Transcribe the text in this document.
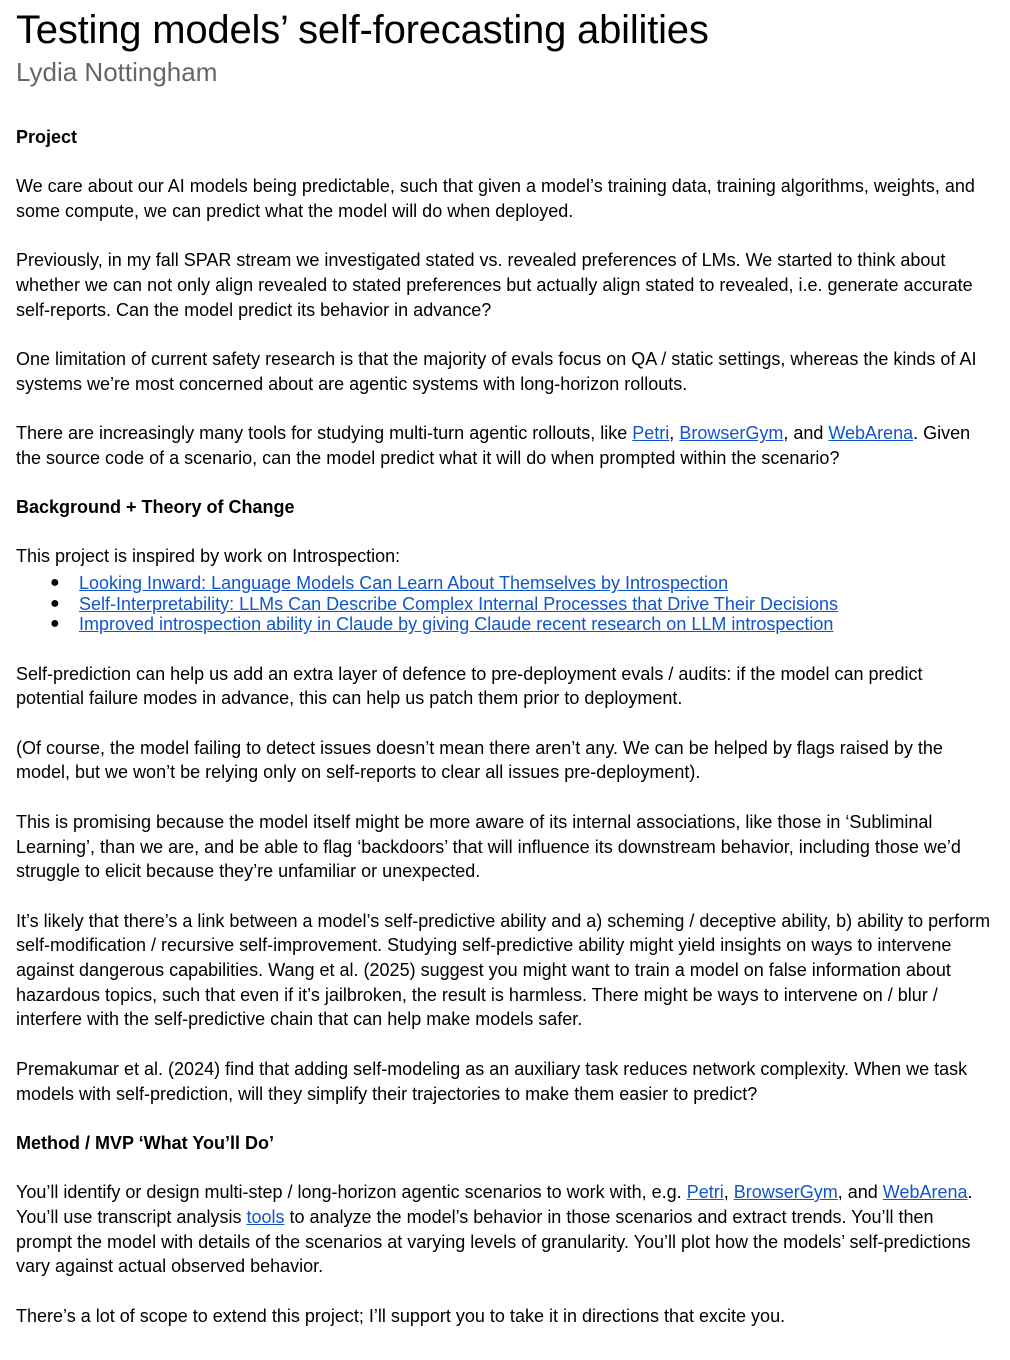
Testing models’ self-forecasting abilities
Lydia Nottingham
Project

We care about our AI models being predictable, such that given a model’s training data, training algorithms, weights, and some compute, we can predict what the model will do when deployed.

Previously, in my fall SPAR stream we investigated stated vs. revealed preferences of LMs. We started to think about whether we can not only align revealed to stated preferences but actually align stated to revealed, i.e. generate accurate self-reports. Can the model predict its behavior in advance?

One limitation of current safety research is that the majority of evals focus on QA / static settings, whereas the kinds of AI systems we’re most concerned about are agentic systems with long-horizon rollouts.

There are increasingly many tools for studying multi-turn agentic rollouts, like Petri, BrowserGym, and WebArena. Given the source code of a scenario, can the model predict what it will do when prompted within the scenario?

Background + Theory of Change

This project is inspired by work on Introspection:

● Looking Inward: Language Models Can Learn About Themselves by Introspection
● Self-Interpretability: LLMs Can Describe Complex Internal Processes that Drive Their Decisions
● Improved introspection ability in Claude by giving Claude recent research on LLM introspection

Self-prediction can help us add an extra layer of defence to pre-deployment evals / audits: if the model can predict potential failure modes in advance, this can help us patch them prior to deployment.

(Of course, the model failing to detect issues doesn’t mean there aren’t any. We can be helped by flags raised by the model, but we won’t be relying only on self-reports to clear all issues pre-deployment).

This is promising because the model itself might be more aware of its internal associations, like those in ‘Subliminal Learning’, than we are, and be able to flag ‘backdoors’ that will influence its downstream behavior, including those we’d struggle to elicit because they’re unfamiliar or unexpected.

It’s likely that there’s a link between a model’s self-predictive ability and a) scheming / deceptive ability, b) ability to perform self-modification / recursive self-improvement. Studying self-predictive ability might yield insights on ways to intervene against dangerous capabilities. Wang et al. (2025) suggest you might want to train a model on false information about hazardous topics, such that even if it’s jailbroken, the result is harmless. There might be ways to intervene on / blur / interfere with the self-predictive chain that can help make models safer.

Premakumar et al. (2024) find that adding self-modeling as an auxiliary task reduces network complexity. When we task models with self-prediction, will they simplify their trajectories to make them easier to predict?

Method / MVP ‘What You’ll Do’

You’ll identify or design multi-step / long-horizon agentic scenarios to work with, e.g. Petri, BrowserGym, and WebArena. You’ll use transcript analysis tools to analyze the model’s behavior in those scenarios and extract trends. You’ll then prompt the model with details of the scenarios at varying levels of granularity. You’ll plot how the models’ self-predictions vary against actual observed behavior.

There’s a lot of scope to extend this project; I’ll support you to take it in directions that excite you.
